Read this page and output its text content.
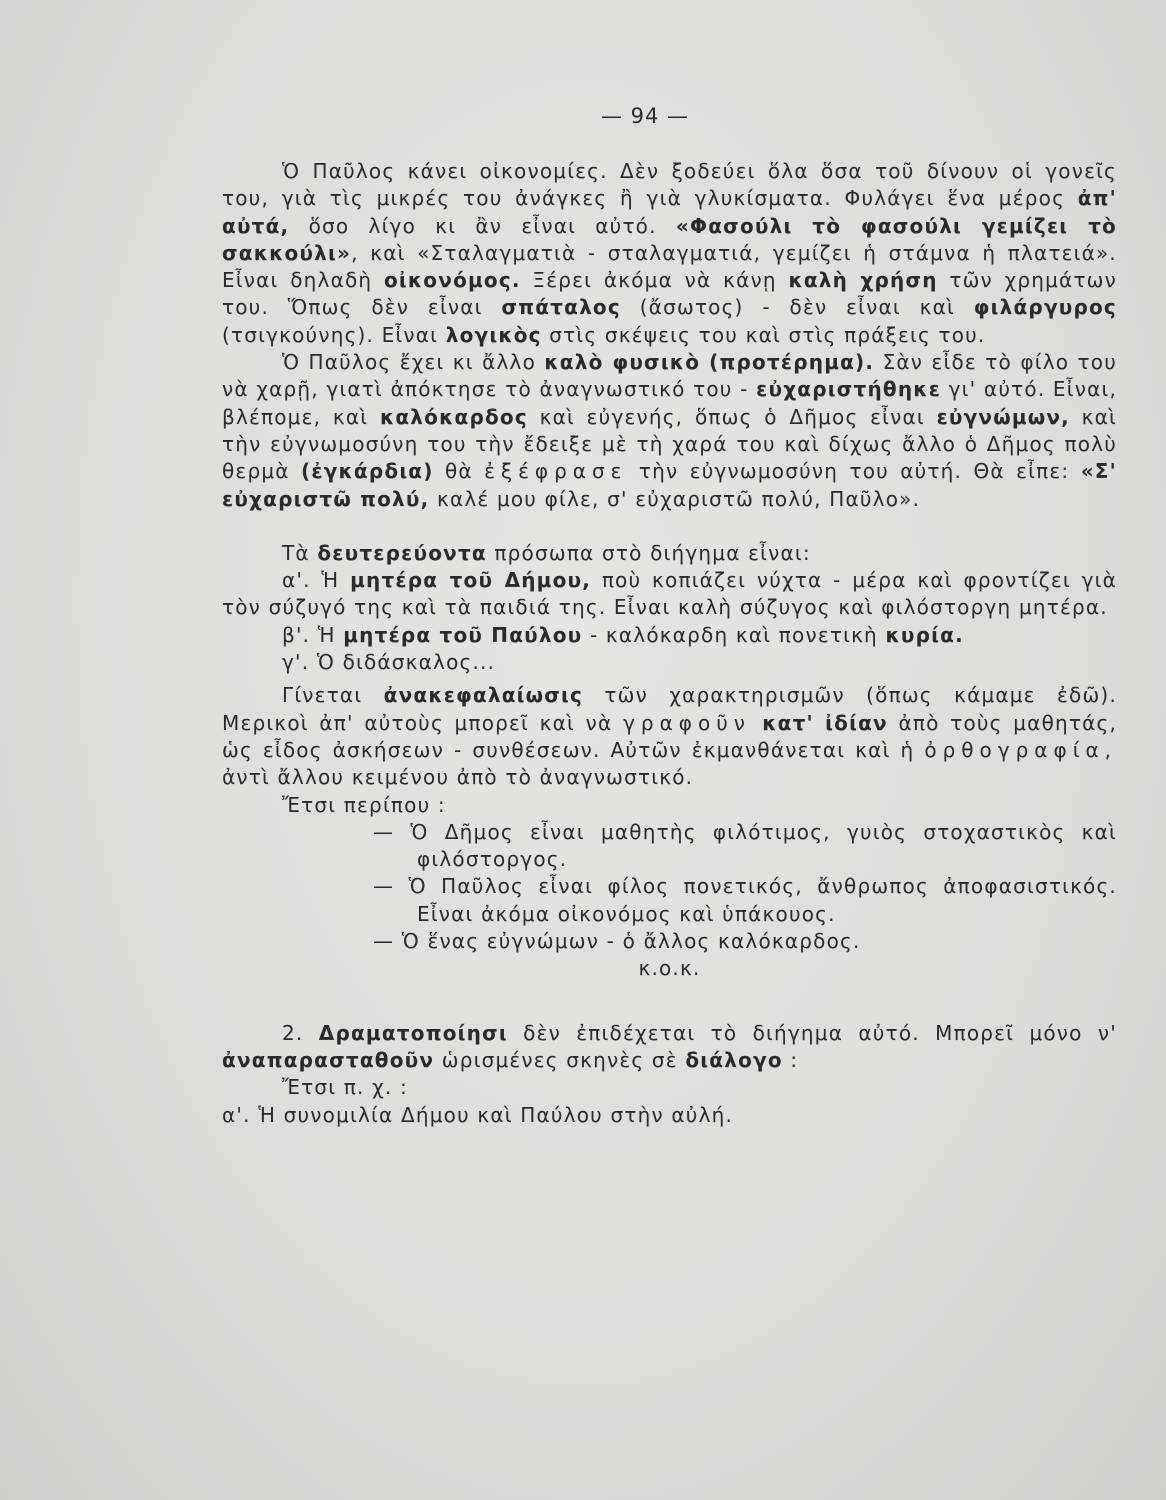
— 94 —

Ὁ Παῦλος κάνει οἰκονομίες. Δὲν ξοδεύει ὅλα ὅσα τοῦ δίνουν οἱ γονεῖς του, γιὰ τὶς μικρές του ἀνάγκες ἢ γιὰ γλυκίσματα. Φυλάγει ἕνα μέρος ἀπ' αὐτά, ὅσο λίγο κι ἂν εἶναι αὐτό. «Φασούλι τὸ φασούλι γεμίζει τὸ σακκούλι», καὶ «Σταλαγματιὰ - σταλαγματιά, γεμίζει ἡ στάμνα ἡ πλατειά». Εἶναι δηλαδὴ οἰκονόμος. Ξέρει ἀκόμα νὰ κάνῃ καλὴ χρήση τῶν χρημάτων του. Ὅπως δὲν εἶναι σπάταλος (ἄσωτος) - δὲν εἶναι καὶ φιλάργυρος (τσιγκούνης). Εἶναι λογικὸς στὶς σκέψεις του καὶ στὶς πράξεις του.

Ὁ Παῦλος ἔχει κι ἄλλο καλὸ φυσικὸ (προτέρημα). Σὰν εἶδε τὸ φίλο του νὰ χαρῇ, γιατὶ ἀπόκτησε τὸ ἀναγνωστικό του - εὐχαριστήθηκε γι' αὐτό. Εἶναι, βλέπομε, καὶ καλόκαρδος καὶ εὐγενής, ὅπως ὁ Δῆμος εἶναι εὐγνώμων, καὶ τὴν εὐγνωμοσύνη του τὴν ἔδειξε μὲ τὴ χαρά του καὶ δίχως ἄλλο ὁ Δῆμος πολὺ θερμὰ (ἐγκάρδια) θὰ ἐξέφρασε τὴν εὐγνωμοσύνη του αὐτή. Θὰ εἶπε: «Σ' εὐχαριστῶ πολύ, καλέ μου φίλε, σ' εὐχαριστῶ πολύ, Παῦλο».

Τὰ δευτερεύοντα πρόσωπα στὸ διήγημα εἶναι:

α'. Ἡ μητέρα τοῦ Δήμου, ποὺ κοπιάζει νύχτα - μέρα καὶ φροντίζει γιὰ τὸν σύζυγό της καὶ τὰ παιδιά της. Εἶναι καλὴ σύζυγος καὶ φιλόστοργη μητέρα.

β'. Ἡ μητέρα τοῦ Παύλου - καλόκαρδη καὶ πονετικὴ κυρία.

γ'. Ὁ διδάσκαλος...

Γίνεται ἀνακεφαλαίωσις τῶν χαρακτηρισμῶν (ὅπως κάμαμε ἐδῶ). Μερικοὶ ἀπ' αὐτοὺς μπορεῖ καὶ νὰ γραφοῦν κατ' ἰδίαν ἀπὸ τοὺς μαθητάς, ὡς εἶδος ἀσκήσεων - συνθέσεων. Αὐτῶν ἐκμανθάνεται καὶ ἡ ὀρθογραφία, ἀντὶ ἄλλου κειμένου ἀπὸ τὸ ἀναγνωστικό.

Ἔτσι περίπου :

— Ὁ Δῆμος εἶναι μαθητὴς φιλότιμος, γυιὸς στοχαστικὸς καὶ φιλόστοργος.

— Ὁ Παῦλος εἶναι φίλος πονετικός, ἄνθρωπος ἀποφασιστικός. Εἶναι ἀκόμα οἰκονόμος καὶ ὑπάκουος.

— Ὁ ἕνας εὐγνώμων - ὁ ἄλλος καλόκαρδος.

κ.ο.κ.

2. Δραματοποίησι δὲν ἐπιδέχεται τὸ διήγημα αὐτό. Μπορεῖ μόνο ν' ἀναπαρασταθοῦν ὡρισμένες σκηνὲς σὲ διάλογο :

Ἔτσι π. χ. :

α'. Ἡ συνομιλία Δήμου καὶ Παύλου στὴν αὐλή.
